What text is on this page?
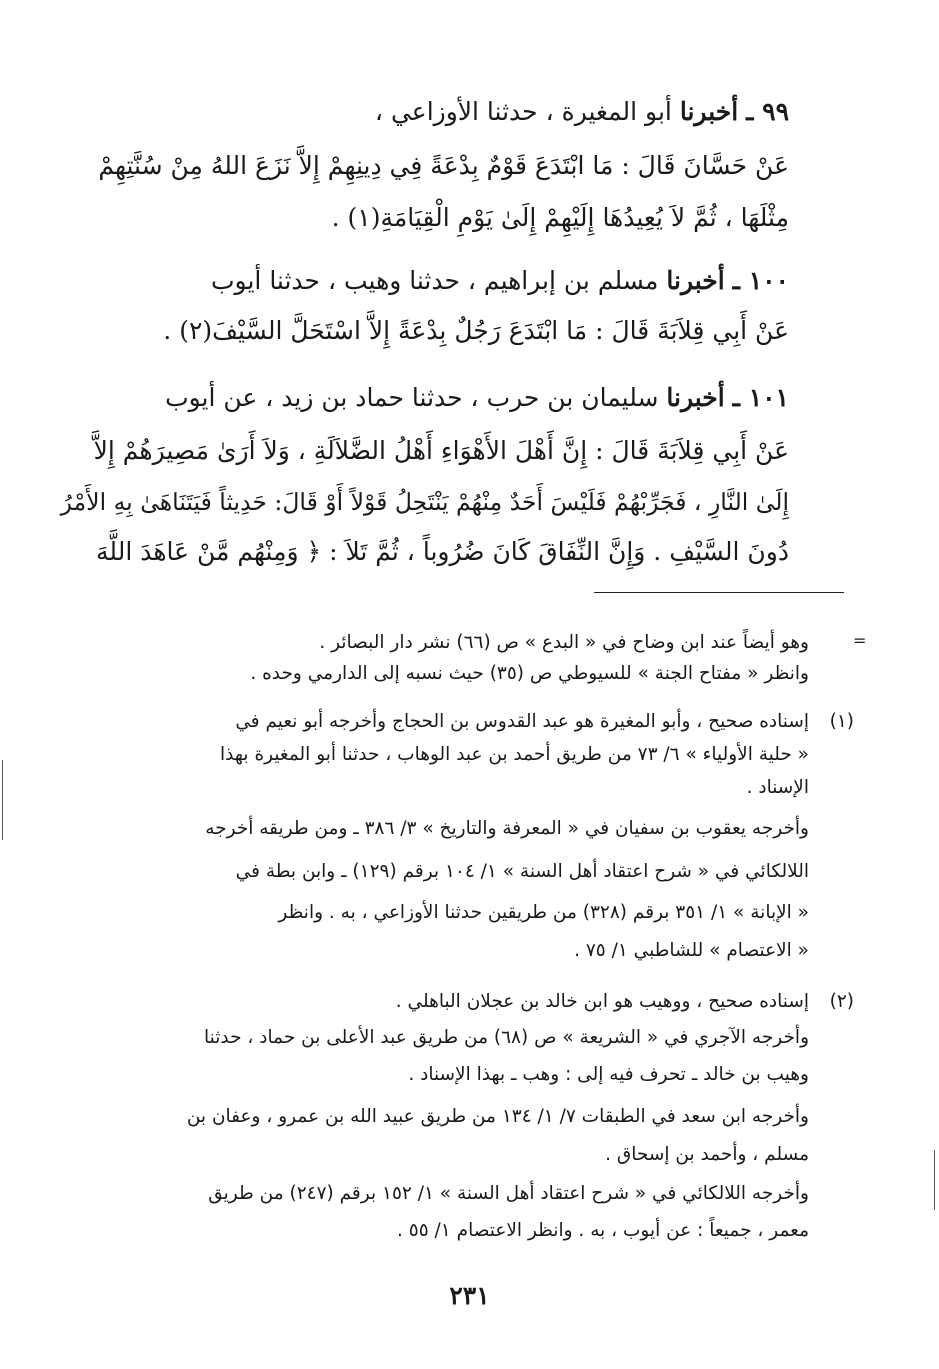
٩٩ ـ أخبرنا أبو المغيرة ، حدثنا الأوزاعي ،
عَنْ حَسَّانَ قَالَ : مَا ابْتَدَعَ قَوْمٌ بِدْعَةً فِي دِينِهِمْ إِلاَّ نَزَعَ اللهُ مِنْ سُنَّتِهِمْ
مِثْلَهَا ، ثُمَّ لاَ يُعِيدُهَا إِلَيْهِمْ إِلَىٰ يَوْمِ الْقِيَامَةِ(١) .
١٠٠ ـ أخبرنا مسلم بن إبراهيم ، حدثنا وهيب ، حدثنا أيوب
عَنْ أَبِي قِلاَبَةَ قَالَ : مَا ابْتَدَعَ رَجُلٌ بِدْعَةً إِلاَّ اسْتَحَلَّ السَّيْفَ(٢) .
١٠١ ـ أخبرنا سليمان بن حرب ، حدثنا حماد بن زيد ، عن أيوب
عَنْ أَبِي قِلاَبَةَ قَالَ : إِنَّ أَهْلَ الأَهْوَاءِ أَهْلُ الضَّلاَلَةِ ، وَلاَ أَرَىٰ مَصِيرَهُمْ إِلاَّ
إِلَىٰ النَّارِ ، فَجَرِّبْهُمْ فَلَيْسَ أَحَدٌ مِنْهُمْ يَنْتَحِلُ قَوْلاً أَوْ قَالَ: حَدِيثاً فَيَتَنَاهَىٰ بِهِ الأَمْرُ
دُونَ السَّيْفِ . وَإِنَّ النِّفَاقَ كَانَ ضُرُوباً ، ثُمَّ تَلاَ : ﴿ وَمِنْهُم مَّنْ عَاهَدَ اللَّهَ
=
وهو أيضاً عند ابن وضاح في « البدع » ص (٦٦) نشر دار البصائر .
وانظر « مفتاح الجنة » للسيوطي ص (٣٥) حيث نسبه إلى الدارمي وحده .
(١)
إسناده صحيح ، وأبو المغيرة هو عبد القدوس بن الحجاج وأخرجه أبو نعيم في
« حلية الأولياء » ٦/ ٧٣ من طريق أحمد بن عبد الوهاب ، حدثنا أبو المغيرة بهذا
الإسناد .
وأخرجه يعقوب بن سفيان في « المعرفة والتاريخ » ٣/ ٣٨٦ ـ ومن طريقه أخرجه
اللالكائي في « شرح اعتقاد أهل السنة » ١/ ١٠٤ برقم (١٢٩) ـ وابن بطة في
« الإبانة » ١/ ٣٥١ برقم (٣٢٨) من طريقين حدثنا الأوزاعي ، به . وانظر
« الاعتصام » للشاطبي ١/ ٧٥ .
(٢)
إسناده صحيح ، ووهيب هو ابن خالد بن عجلان الباهلي .
وأخرجه الآجري في « الشريعة » ص (٦٨) من طريق عبد الأعلى بن حماد ، حدثنا
وهيب بن خالد ـ تحرف فيه إلى : وهب ـ بهذا الإسناد .
وأخرجه ابن سعد في الطبقات ٧/ ١/ ١٣٤ من طريق عبيد الله بن عمرو ، وعفان بن
مسلم ، وأحمد بن إسحاق .
وأخرجه اللالكائي في « شرح اعتقاد أهل السنة » ١/ ١٥٢ برقم (٢٤٧) من طريق
معمر ، جميعاً : عن أيوب ، به . وانظر الاعتصام ١/ ٥٥ .
٢٣١
